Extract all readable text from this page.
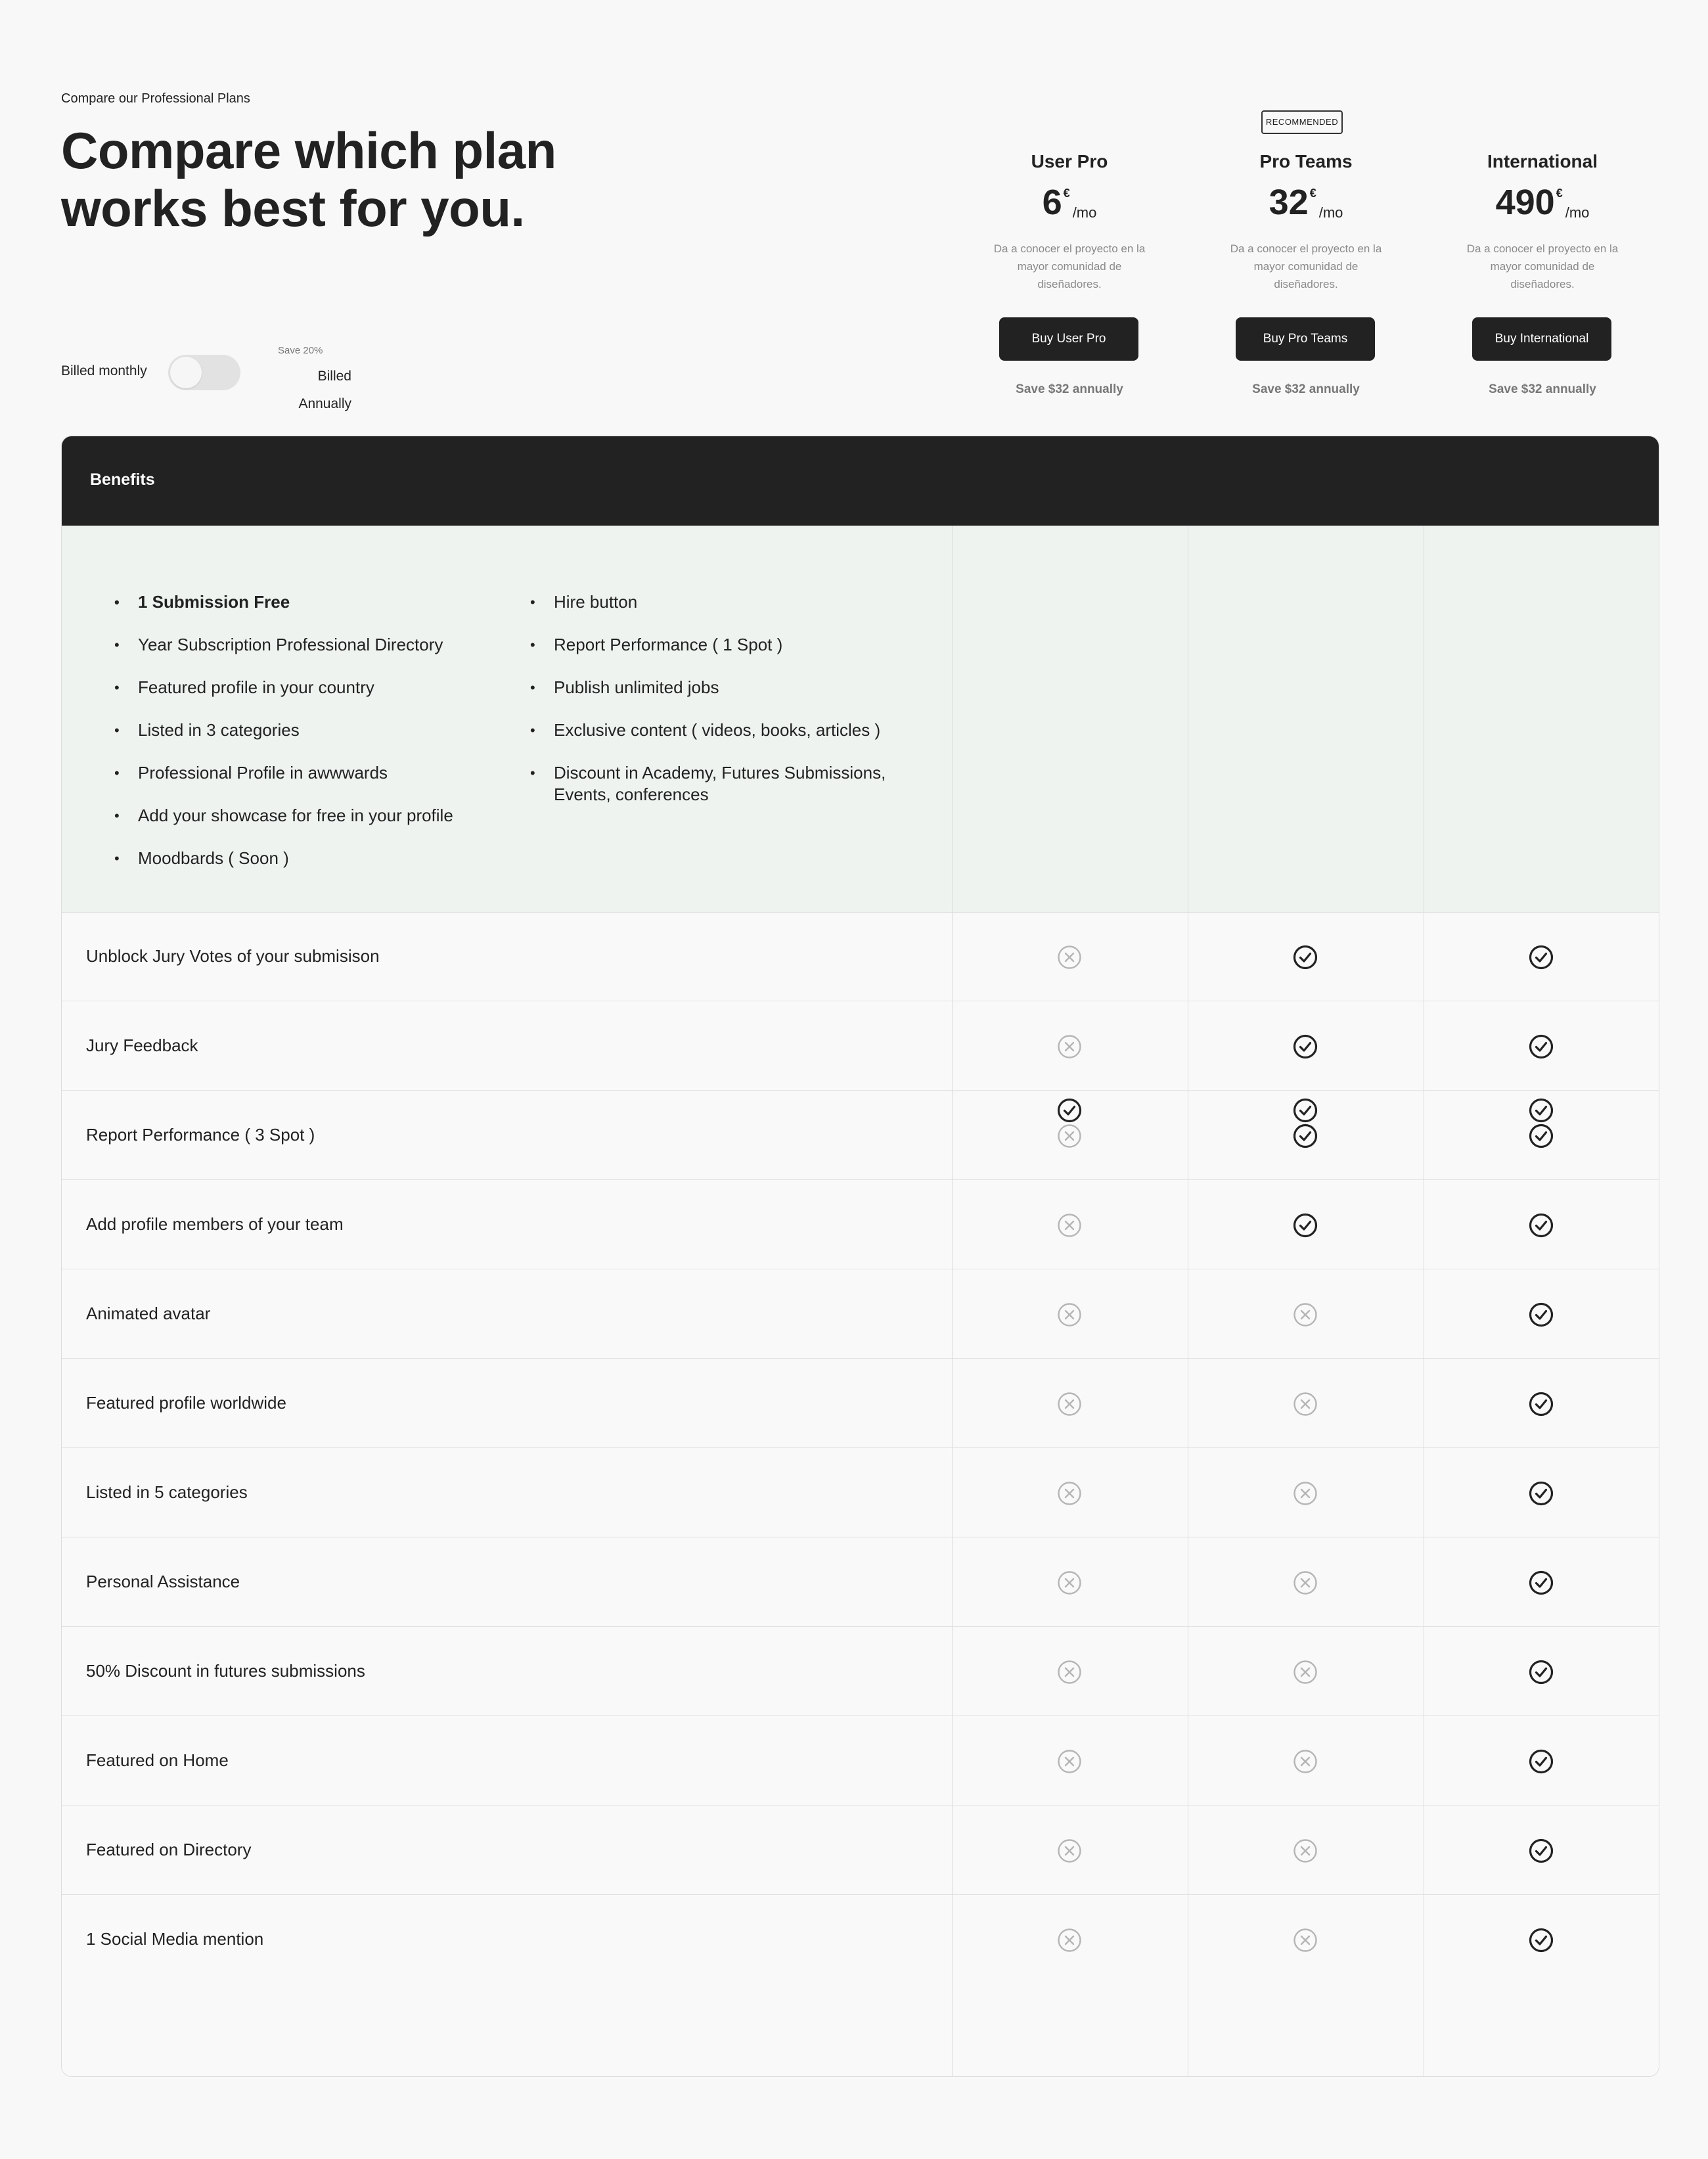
Compare our Professional Plans
Compare which plan
works best for you.
Billed monthly
Save 20%
Billed
Annually
RECOMMENDED
User Pro
6 €/mo
Da a conocer el proyecto en la mayor comunidad de diseñadores.
Buy User Pro
Save $32 annually
Pro Teams
32 €/mo
Da a conocer el proyecto en la mayor comunidad de diseñadores.
Buy Pro Teams
Save $32 annually
International
490 €/mo
Da a conocer el proyecto en la mayor comunidad de diseñadores.
Buy International
Save $32 annually
Benefits
• 1 Submission Free
• Year Subscription Professional Directory
• Featured profile in your country
• Listed in 3 categories
• Professional Profile in awwwards
• Add your showcase for free in your profile
• Moodbards ( Soon )
• Hire button
• Report Performance ( 1 Spot )
• Publish unlimited jobs
• Exclusive content ( videos, books, articles )
• Discount in Academy, Futures Submissions, Events, conferences
Unblock Jury Votes of your submisison
Jury Feedback
Report Performance ( 3 Spot )
Add profile members of your team
Animated avatar
Featured profile worldwide
Listed in 5 categories
Personal Assistance
50% Discount in futures submissions
Featured on Home
Featured on Directory
1 Social Media mention
